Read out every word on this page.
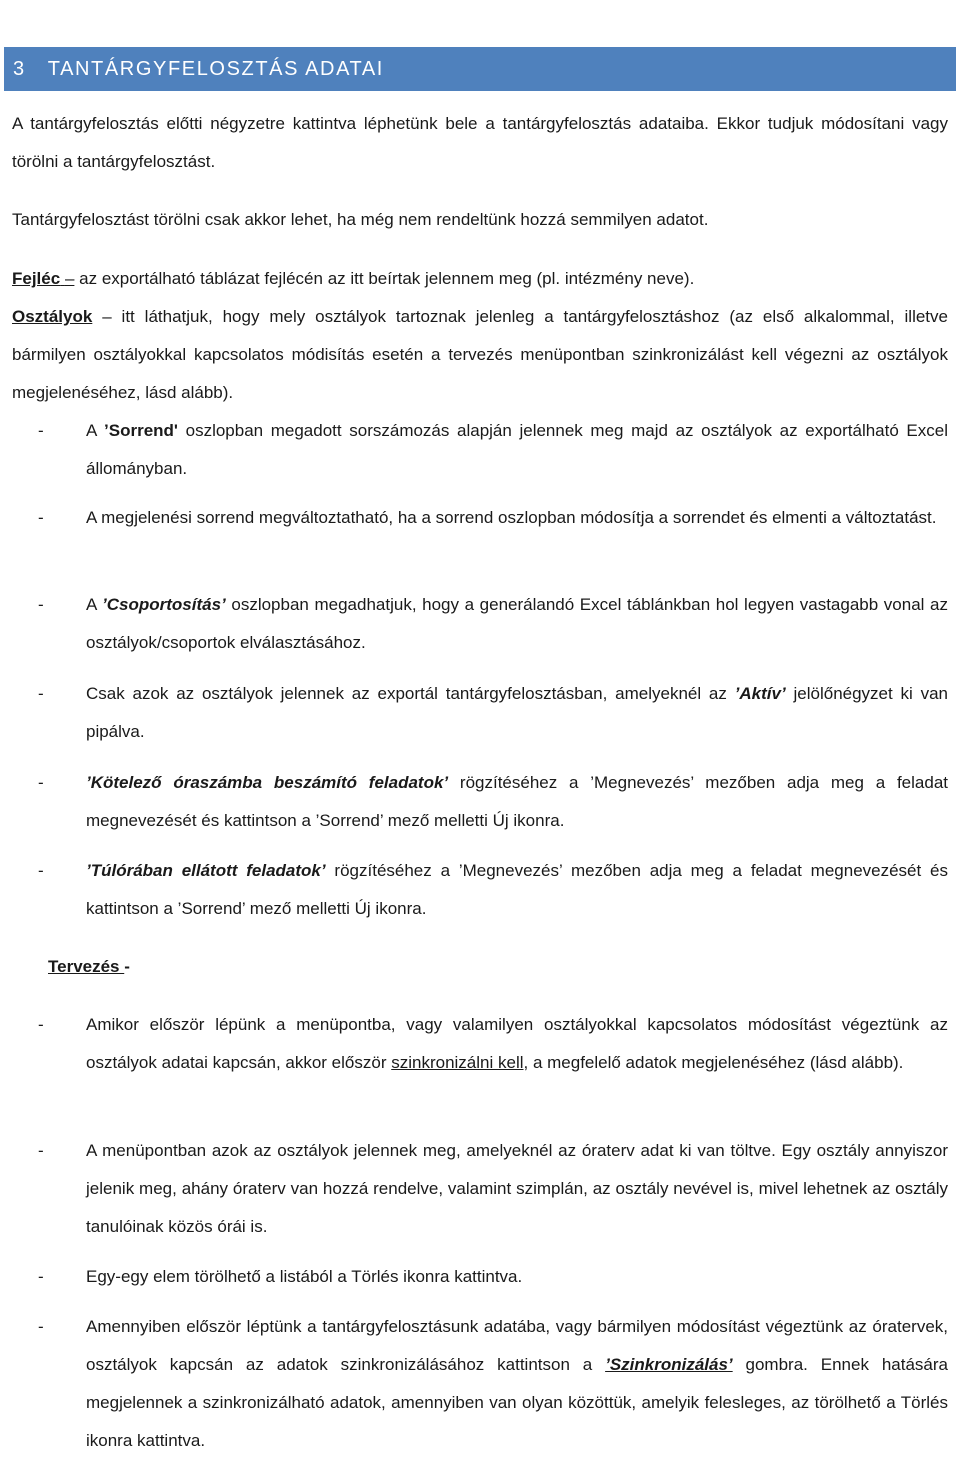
3 TANTÁRGYFELOSZTÁS ADATAI
A tantárgyfelosztás előtti négyzetre kattintva léphetünk bele a tantárgyfelosztás adataiba. Ekkor tudjuk módosítani vagy törölni a tantárgyfelosztást.
Tantárgyfelosztást törölni csak akkor lehet, ha még nem rendeltünk hozzá semmilyen adatot.
Fejléc – az exportálható táblázat fejlécén az itt beírtak jelennem meg (pl. intézmény neve).
Osztályok – itt láthatjuk, hogy mely osztályok tartoznak jelenleg a tantárgyfelosztáshoz (az első alkalommal, illetve bármilyen osztályokkal kapcsolatos módisítás esetén a tervezés menüpontban szinkronizálást kell végezni az osztályok megjelenéséhez, lásd alább).
- A ’Sorrend' oszlopban megadott sorszámozás alapján jelennek meg majd az osztályok az exportálható Excel állományban.
- A megjelenési sorrend megváltoztatható, ha a sorrend oszlopban módosítja a sorrendet és elmenti a változtatást.
- A ’Csoportosítás’ oszlopban megadhatjuk, hogy a generálandó Excel táblánkban hol legyen vastagabb vonal az osztályok/csoportok elválasztásához.
- Csak azok az osztályok jelennek az exportál tantárgyfelosztásban, amelyeknél az ’Aktív’ jelölőnégyzet ki van pipálva.
- ’Kötelező óraszámba beszámító feladatok’ rögzítéséhez a ’Megnevezés’ mezőben adja meg a feladat megnevezését és kattintson a ’Sorrend’ mező melletti Új ikonra.
- ’Túlórában ellátott feladatok’ rögzítéséhez a ’Megnevezés’ mezőben adja meg a feladat megnevezését és kattintson a ’Sorrend’ mező melletti Új ikonra.
Tervezés -
- Amikor először lépünk a menüpontba, vagy valamilyen osztályokkal kapcsolatos módosítást végeztünk az osztályok adatai kapcsán, akkor először szinkronizálni kell, a megfelelő adatok megjelenéséhez (lásd alább).
- A menüpontban azok az osztályok jelennek meg, amelyeknél az óraterv adat ki van töltve. Egy osztály annyiszor jelenik meg, ahány óraterv van hozzá rendelve, valamint szimplán, az osztály nevével is, mivel lehetnek az osztály tanulóinak közös órái is.
- Egy-egy elem törölhető a listából a Törlés ikonra kattintva.
- Amennyiben először léptünk a tantárgyfelosztásunk adatába, vagy bármilyen módosítást végeztünk az óratervek, osztályok kapcsán az adatok szinkronizálásához kattintson a ’Szinkronizálás’ gombra. Ennek hatására megjelennek a szinkronizálható adatok, amennyiben van olyan közöttük, amelyik felesleges, az törölhető a Törlés ikonra kattintva.
